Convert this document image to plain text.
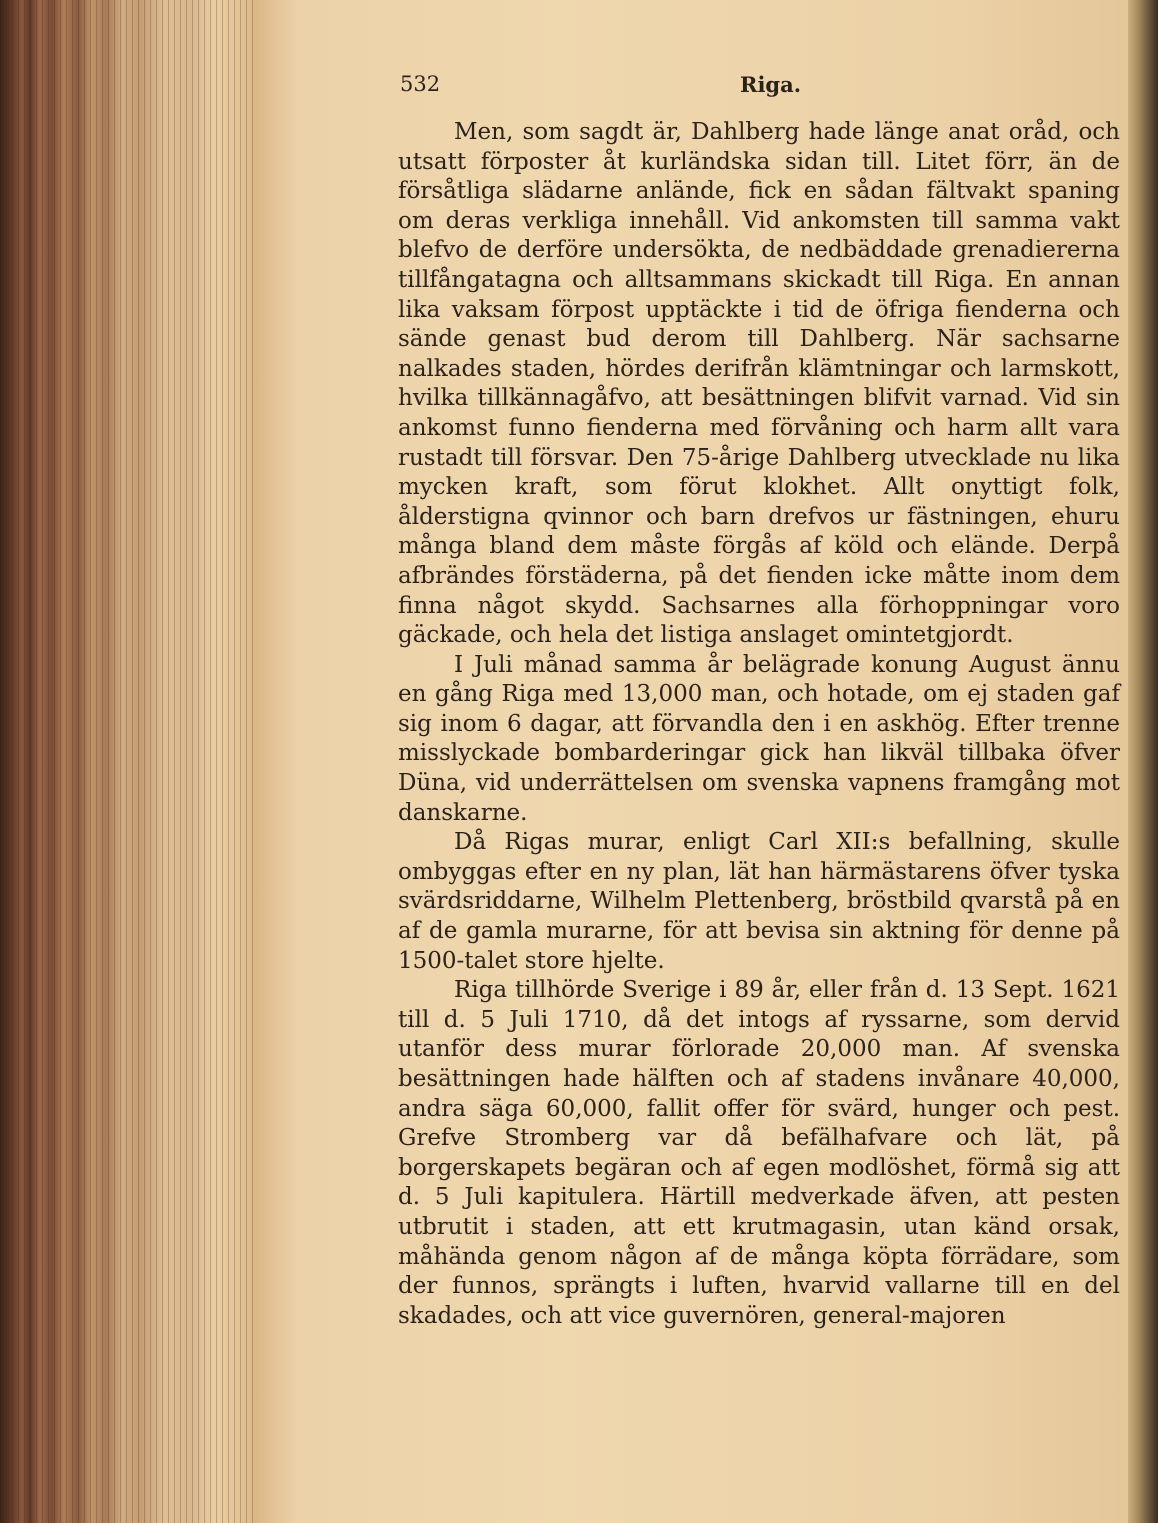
532	Riga.

Men, som sagdt är, Dahlberg hade länge anat oråd, och utsatt förposter åt kurländska sidan till. Litet förr, än de försåtliga slädarne anlände, fick en sådan fältvakt spaning om deras verkliga innehåll. Vid ankomsten till samma vakt blefvo de derföre undersökta, de nedbäddade grenadiererna tillfångatagna och alltsammans skickadt till Riga. En annan lika vaksam förpost upptäckte i tid de öfriga fienderna och sände genast bud derom till Dahlberg. När sachsarne nalkades staden, hördes derifrån klämtningar och larmskott, hvilka tillkännagåfvo, att besättningen blifvit varnad. Vid sin ankomst funno fienderna med förvåning och harm allt vara rustadt till försvar. Den 75-årige Dahlberg utvecklade nu lika mycken kraft, som förut klokhet. Allt onyttigt folk, ålderstigna qvinnor och barn drefvos ur fästningen, ehuru många bland dem måste förgås af köld och elände. Derpå afbrändes förstäderna, på det fienden icke måtte inom dem finna något skydd. Sachsarnes alla förhoppningar voro gäckade, och hela det listiga anslaget omintetgjordt.

I Juli månad samma år belägrade konung August ännu en gång Riga med 13,000 man, och hotade, om ej staden gaf sig inom 6 dagar, att förvandla den i en askhög. Efter trenne misslyckade bombarderingar gick han likväl tillbaka öfver Düna, vid underrättelsen om svenska vapnens framgång mot danskarne.

Då Rigas murar, enligt Carl XII:s befallning, skulle ombyggas efter en ny plan, lät han härmästarens öfver tyska svärdsriddarne, Wilhelm Plettenberg, bröstbild qvarstå på en af de gamla murarne, för att bevisa sin aktning för denne på 1500-talet store hjelte.

Riga tillhörde Sverige i 89 år, eller från d. 13 Sept. 1621 till d. 5 Juli 1710, då det intogs af ryssarne, som dervid utanför dess murar förlorade 20,000 man. Af svenska besättningen hade hälften och af stadens invånare 40,000, andra säga 60,000, fallit offer för svärd, hunger och pest. Grefve Stromberg var då befälhafvare och lät, på borgerskapets begäran och af egen modlöshet, förmå sig att d. 5 Juli kapitulera. Härtill medverkade äfven, att pesten utbrutit i staden, att ett krutmagasin, utan känd orsak, måhända genom någon af de många köpta förrädare, som der funnos, sprängts i luften, hvarvid vallarne till en del skadades, och att vice guvernören, general-majoren
